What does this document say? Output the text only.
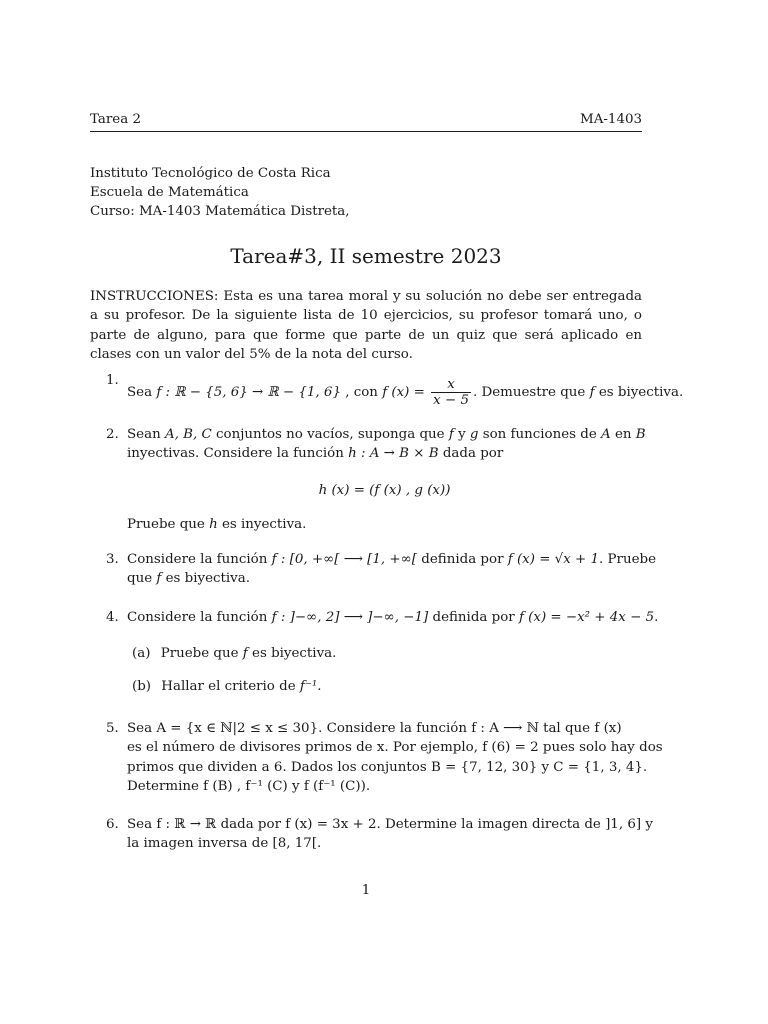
Tarea 2	MA-1403
Instituto Tecnológico de Costa Rica
Escuela de Matemática
Curso: MA-1403 Matemática Distreta,
Tarea#3, II semestre 2023
INSTRUCCIONES: Esta es una tarea moral y su solución no debe ser entregada a su profesor. De la siguiente lista de 10 ejercicios, su profesor tomará uno, o parte de alguno, para que forme que parte de un quiz que será aplicado en clases con un valor del 5% de la nota del curso.
1.
Sea f : ℝ − {5, 6} → ℝ − {1, 6} , con f $(x) = \frac{x}{x - 5}$ . Demuestre que f es biyectiva.
2. Sean A, B, C conjuntos no vacíos, suponga que f y g son funciones de A en B
inyectivas. Considere la función h : A → B × B dada por
h (x) = (f (x) , g (x))
Pruebe que h es inyectiva.
3. Considere la función f : [0, +∞[ ⟶ [1, +∞[ definida por f (x) = √x + 1. Pruebe
que f es biyectiva.
4. Considere la función f : ]−∞, 2] ⟶ ]−∞, −1] definida por f (x) = −x² + 4x − 5.
(a) Pruebe que f es biyectiva.
(b) Hallar el criterio de f⁻¹.
5. Sea A = {x ∈ ℕ|2 ≤ x ≤ 30}. Considere la función f : A ⟶ ℕ tal que f (x)
es el número de divisores primos de x. Por ejemplo, f (6) = 2 pues solo hay dos
primos que dividen a 6. Dados los conjuntos B = {7, 12, 30} y C = {1, 3, 4}.
Determine f (B) , f⁻¹ (C) y f (f⁻¹ (C)).
6. Sea f : ℝ → ℝ dada por f (x) = 3x + 2. Determine la imagen directa de ]1, 6] y
la imagen inversa de [8, 17[.
1
